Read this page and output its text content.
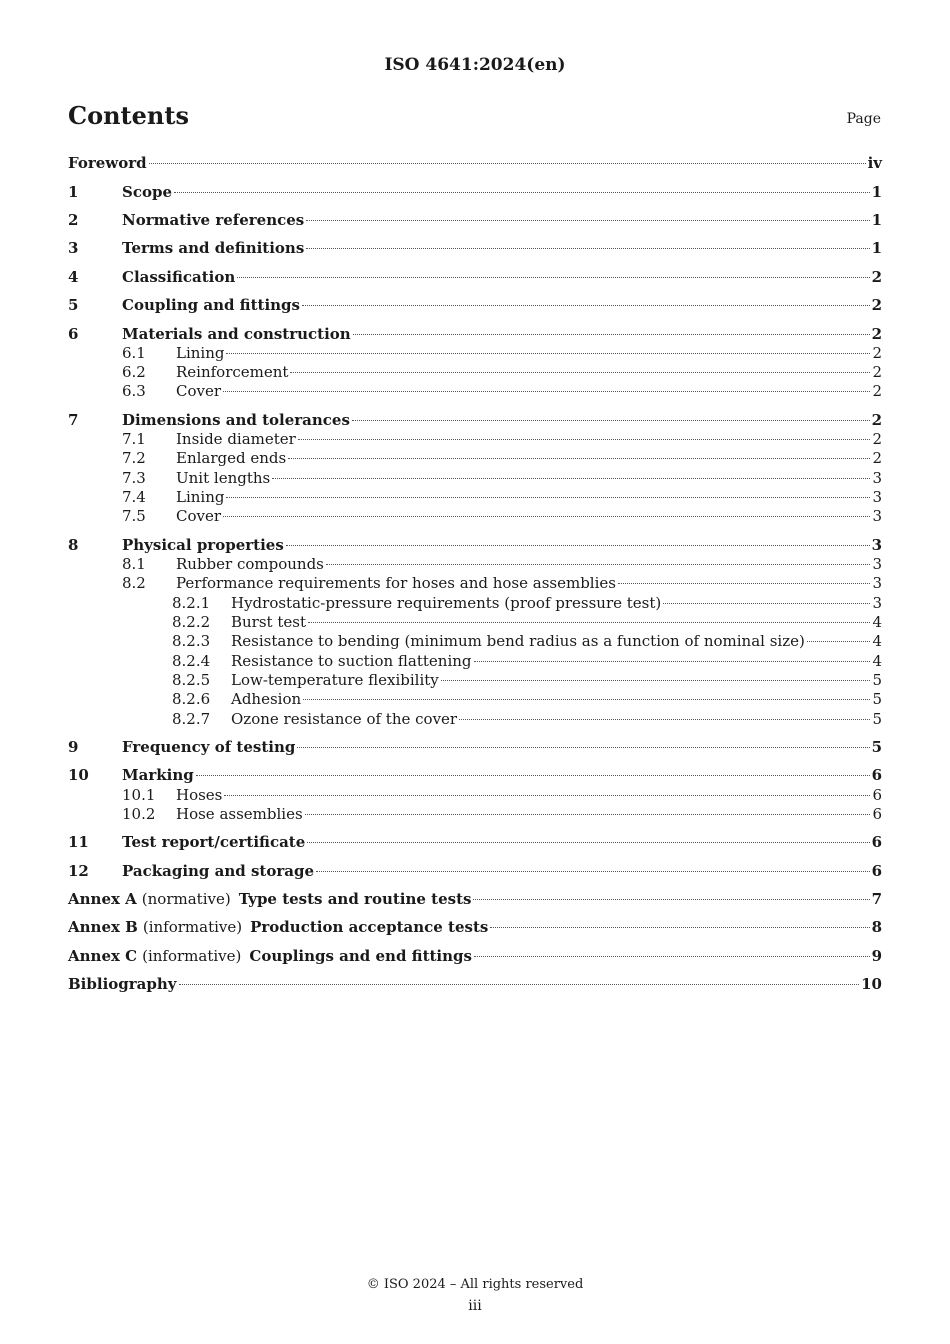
ISO 4641:2024(en)
Contents	Page
Foreword	iv
1	Scope	1
2	Normative references	1
3	Terms and definitions	1
4	Classification	2
5	Coupling and fittings	2
6	Materials and construction	2
6.1	Lining	2
6.2	Reinforcement	2
6.3	Cover	2
7	Dimensions and tolerances	2
7.1	Inside diameter	2
7.2	Enlarged ends	2
7.3	Unit lengths	3
7.4	Lining	3
7.5	Cover	3
8	Physical properties	3
8.1	Rubber compounds	3
8.2	Performance requirements for hoses and hose assemblies	3
8.2.1	Hydrostatic-pressure requirements (proof pressure test)	3
8.2.2	Burst test	4
8.2.3	Resistance to bending (minimum bend radius as a function of nominal size)	4
8.2.4	Resistance to suction flattening	4
8.2.5	Low-temperature flexibility	5
8.2.6	Adhesion	5
8.2.7	Ozone resistance of the cover	5
9	Frequency of testing	5
10	Marking	6
10.1	Hoses	6
10.2	Hose assemblies	6
11	Test report/certificate	6
12	Packaging and storage	6
Annex A (normative) Type tests and routine tests	7
Annex B (informative) Production acceptance tests	8
Annex C (informative) Couplings and end fittings	9
Bibliography	10
© ISO 2024 – All rights reserved
iii
